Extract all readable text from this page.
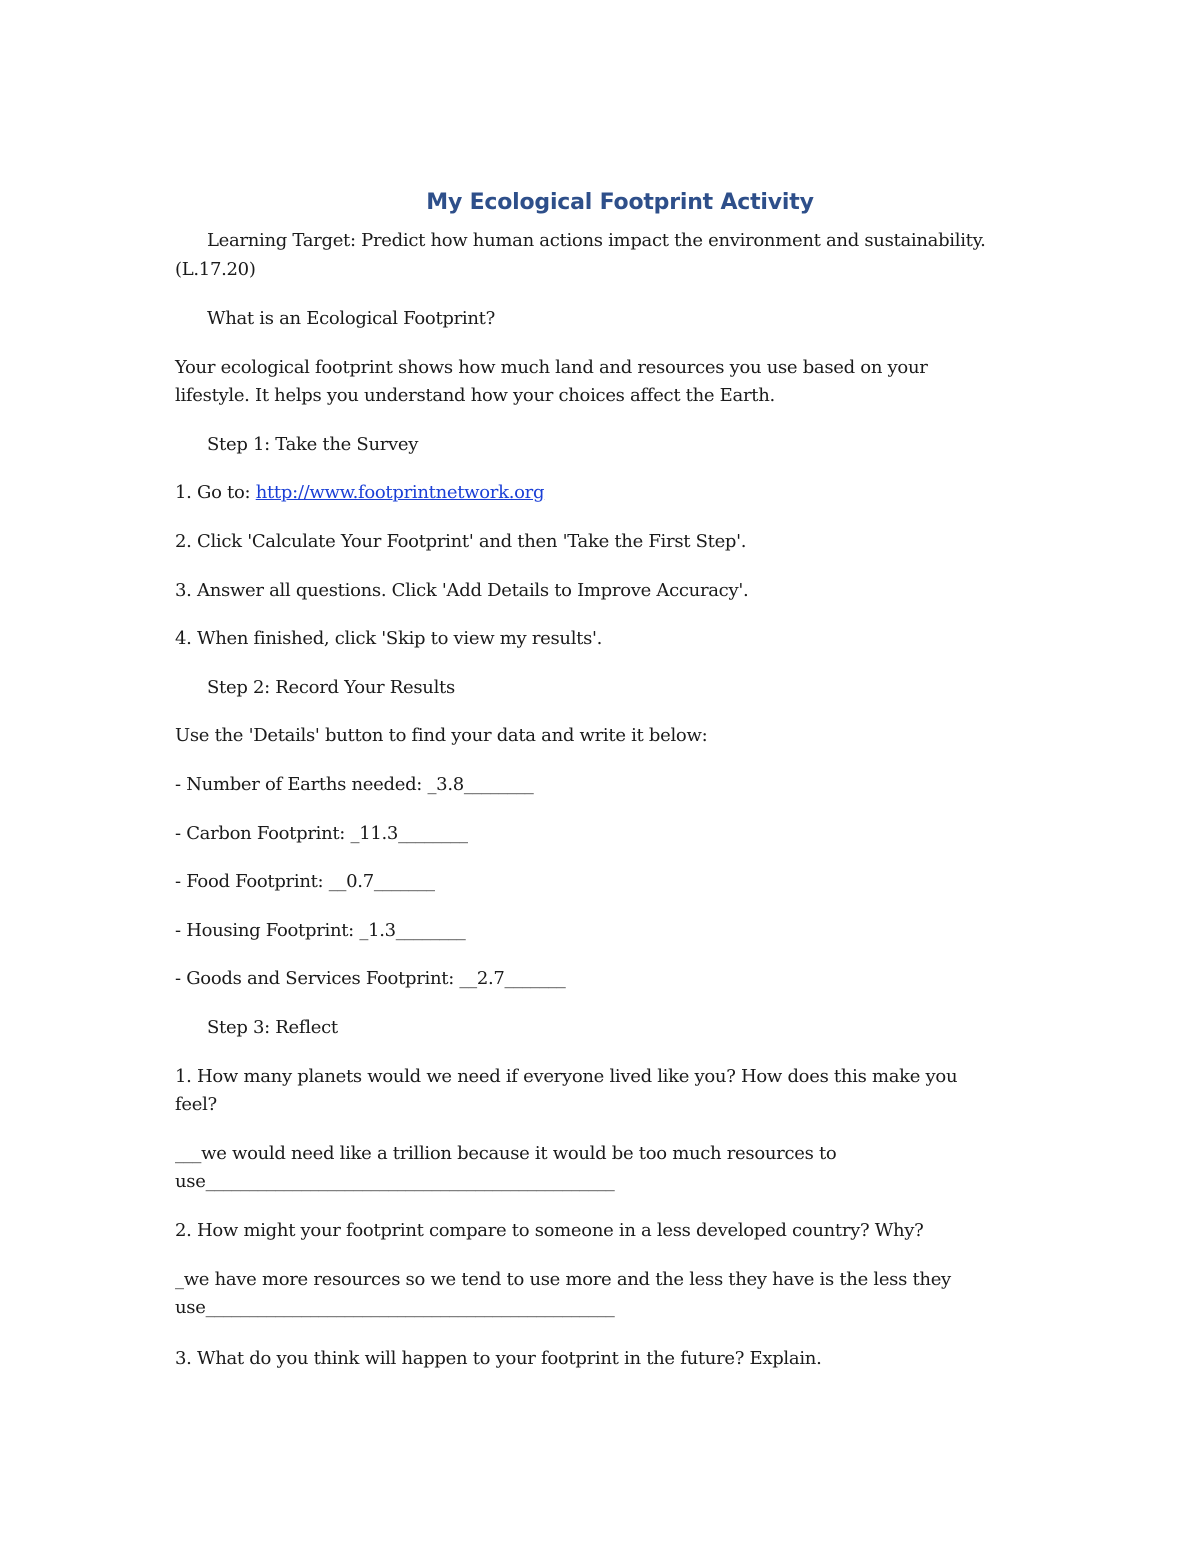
My Ecological Footprint Activity
Learning Target: Predict how human actions impact the environment and sustainability.
(L.17.20)
What is an Ecological Footprint?
Your ecological footprint shows how much land and resources you use based on your
lifestyle. It helps you understand how your choices affect the Earth.
Step 1: Take the Survey
1. Go to: http://www.footprintnetwork.org
2. Click 'Calculate Your Footprint' and then 'Take the First Step'.
3. Answer all questions. Click 'Add Details to Improve Accuracy'.
4. When finished, click 'Skip to view my results'.
Step 2: Record Your Results
Use the 'Details' button to find your data and write it below:
- Number of Earths needed: _3.8________
- Carbon Footprint: _11.3________
- Food Footprint: __0.7_______
- Housing Footprint: _1.3________
- Goods and Services Footprint: __2.7_______
Step 3: Reflect
1. How many planets would we need if everyone lived like you? How does this make you
feel?
___we would need like a trillion because it would be too much resources to
use_______________________________________________
2. How might your footprint compare to someone in a less developed country? Why?
_we have more resources so we tend to use more and the less they have is the less they
use_______________________________________________
3. What do you think will happen to your footprint in the future? Explain.
